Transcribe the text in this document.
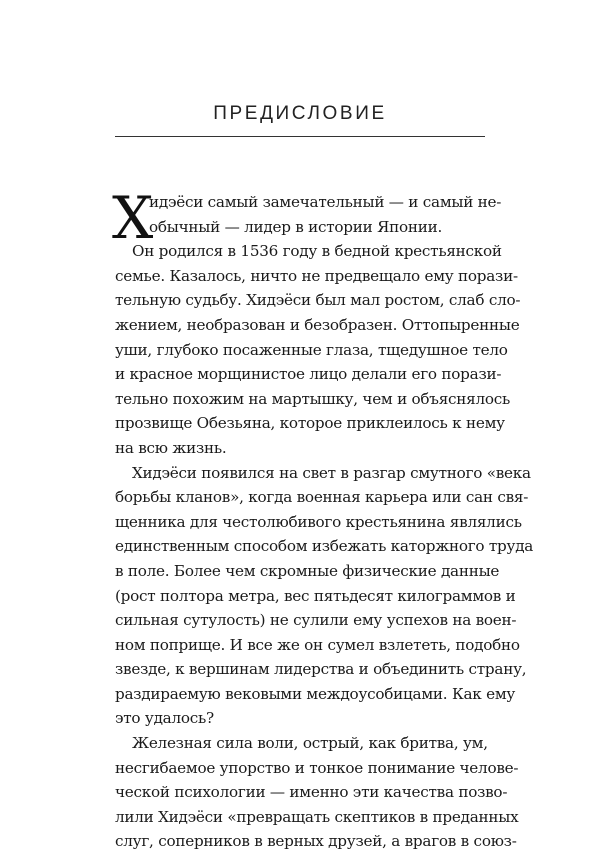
ПРЕДИСЛОВИЕ
Х
идэёси самый замечательный — и самый не-
обычный — лидер в истории Японии.
Он родился в 1536 году в бедной крестьянской
семье. Казалось, ничто не предвещало ему порази-
тельную судьбу. Хидэёси был мал ростом, слаб сло-
жением, необразован и безобразен. Оттопыренные
уши, глубоко посаженные глаза, тщедушное тело
и красное морщинистое лицо делали его порази-
тельно похожим на мартышку, чем и объяснялось
прозвище Обезьяна, которое приклеилось к нему
на всю жизнь.
Хидэёси появился на свет в разгар смутного «века
борьбы кланов», когда военная карьера или сан свя-
щенника для честолюбивого крестьянина являлись
единственным способом избежать каторжного труда
в поле. Более чем скромные физические данные
(рост полтора метра, вес пятьдесят килограммов и
сильная сутулость) не сулили ему успехов на воен-
ном поприще. И все же он сумел взлететь, подобно
звезде, к вершинам лидерства и объединить страну,
раздираемую вековыми междоусобицами. Как ему
это удалось?
Железная сила воли, острый, как бритва, ум,
несгибаемое упорство и тонкое понимание челове-
ческой психологии — именно эти качества позво-
лили Хидэёси «превращать скептиков в преданных
слуг, соперников в верных друзей, а врагов в союз-
